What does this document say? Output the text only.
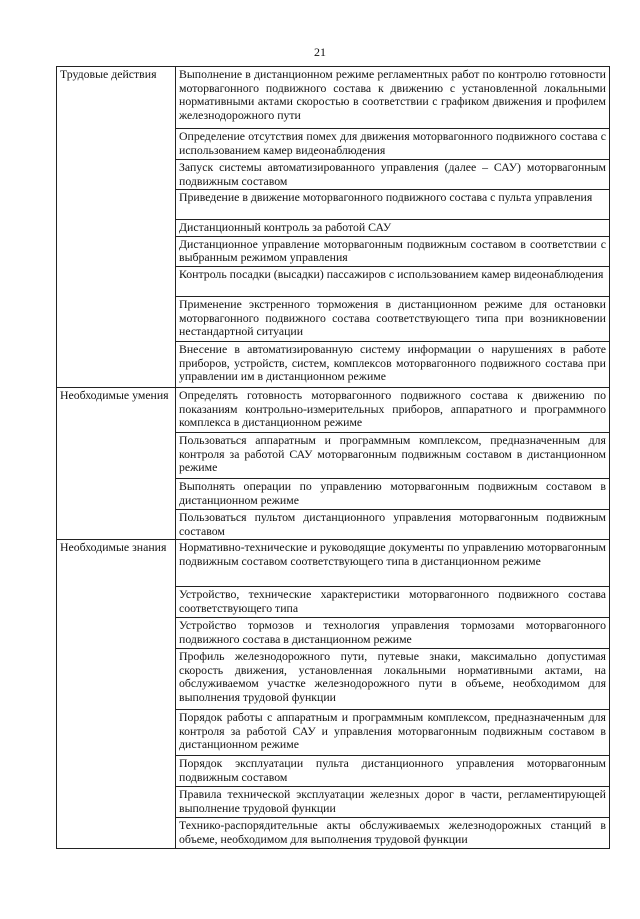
21
Трудовые действия	Выполнение в дистанционном режиме регламентных работ по контролю готовности моторвагонного подвижного состава к движению с установленной локальными нормативными актами скоростью в соответствии с графиком движения и профилем железнодорожного пути
	Определение отсутствия помех для движения моторвагонного подвижного состава с использованием камер видеонаблюдения
	Запуск системы автоматизированного управления (далее – САУ) моторвагонным подвижным составом
	Приведение в движение моторвагонного подвижного состава с пульта управления
	Дистанционный контроль за работой САУ
	Дистанционное управление моторвагонным подвижным составом в соответствии с выбранным режимом управления
	Контроль посадки (высадки) пассажиров с использованием камер видеонаблюдения
	Применение экстренного торможения в дистанционном режиме для остановки моторвагонного подвижного состава соответствующего типа при возникновении нестандартной ситуации
	Внесение в автоматизированную систему информации о нарушениях в работе приборов, устройств, систем, комплексов моторвагонного подвижного состава при управлении им в дистанционном режиме
Необходимые умения	Определять готовность моторвагонного подвижного состава к движению по показаниям контрольно-измерительных приборов, аппаратного и программного комплекса в дистанционном режиме
	Пользоваться аппаратным и программным комплексом, предназначенным для контроля за работой САУ моторвагонным подвижным составом в дистанционном режиме
	Выполнять операции по управлению моторвагонным подвижным составом в дистанционном режиме
	Пользоваться пультом дистанционного управления моторвагонным подвижным составом
Необходимые знания	Нормативно-технические и руководящие документы по управлению моторвагонным подвижным составом соответствующего типа в дистанционном режиме
	Устройство, технические характеристики моторвагонного подвижного состава соответствующего типа
	Устройство тормозов и технология управления тормозами моторвагонного подвижного состава в дистанционном режиме
	Профиль железнодорожного пути, путевые знаки, максимально допустимая скорость движения, установленная локальными нормативными актами, на обслуживаемом участке железнодорожного пути в объеме, необходимом для выполнения трудовой функции
	Порядок работы с аппаратным и программным комплексом, предназначенным для контроля за работой САУ и управления моторвагонным подвижным составом в дистанционном режиме
	Порядок эксплуатации пульта дистанционного управления моторвагонным подвижным составом
	Правила технической эксплуатации железных дорог в части, регламентирующей выполнение трудовой функции
	Технико-распорядительные акты обслуживаемых железнодорожных станций в объеме, необходимом для выполнения трудовой функции
